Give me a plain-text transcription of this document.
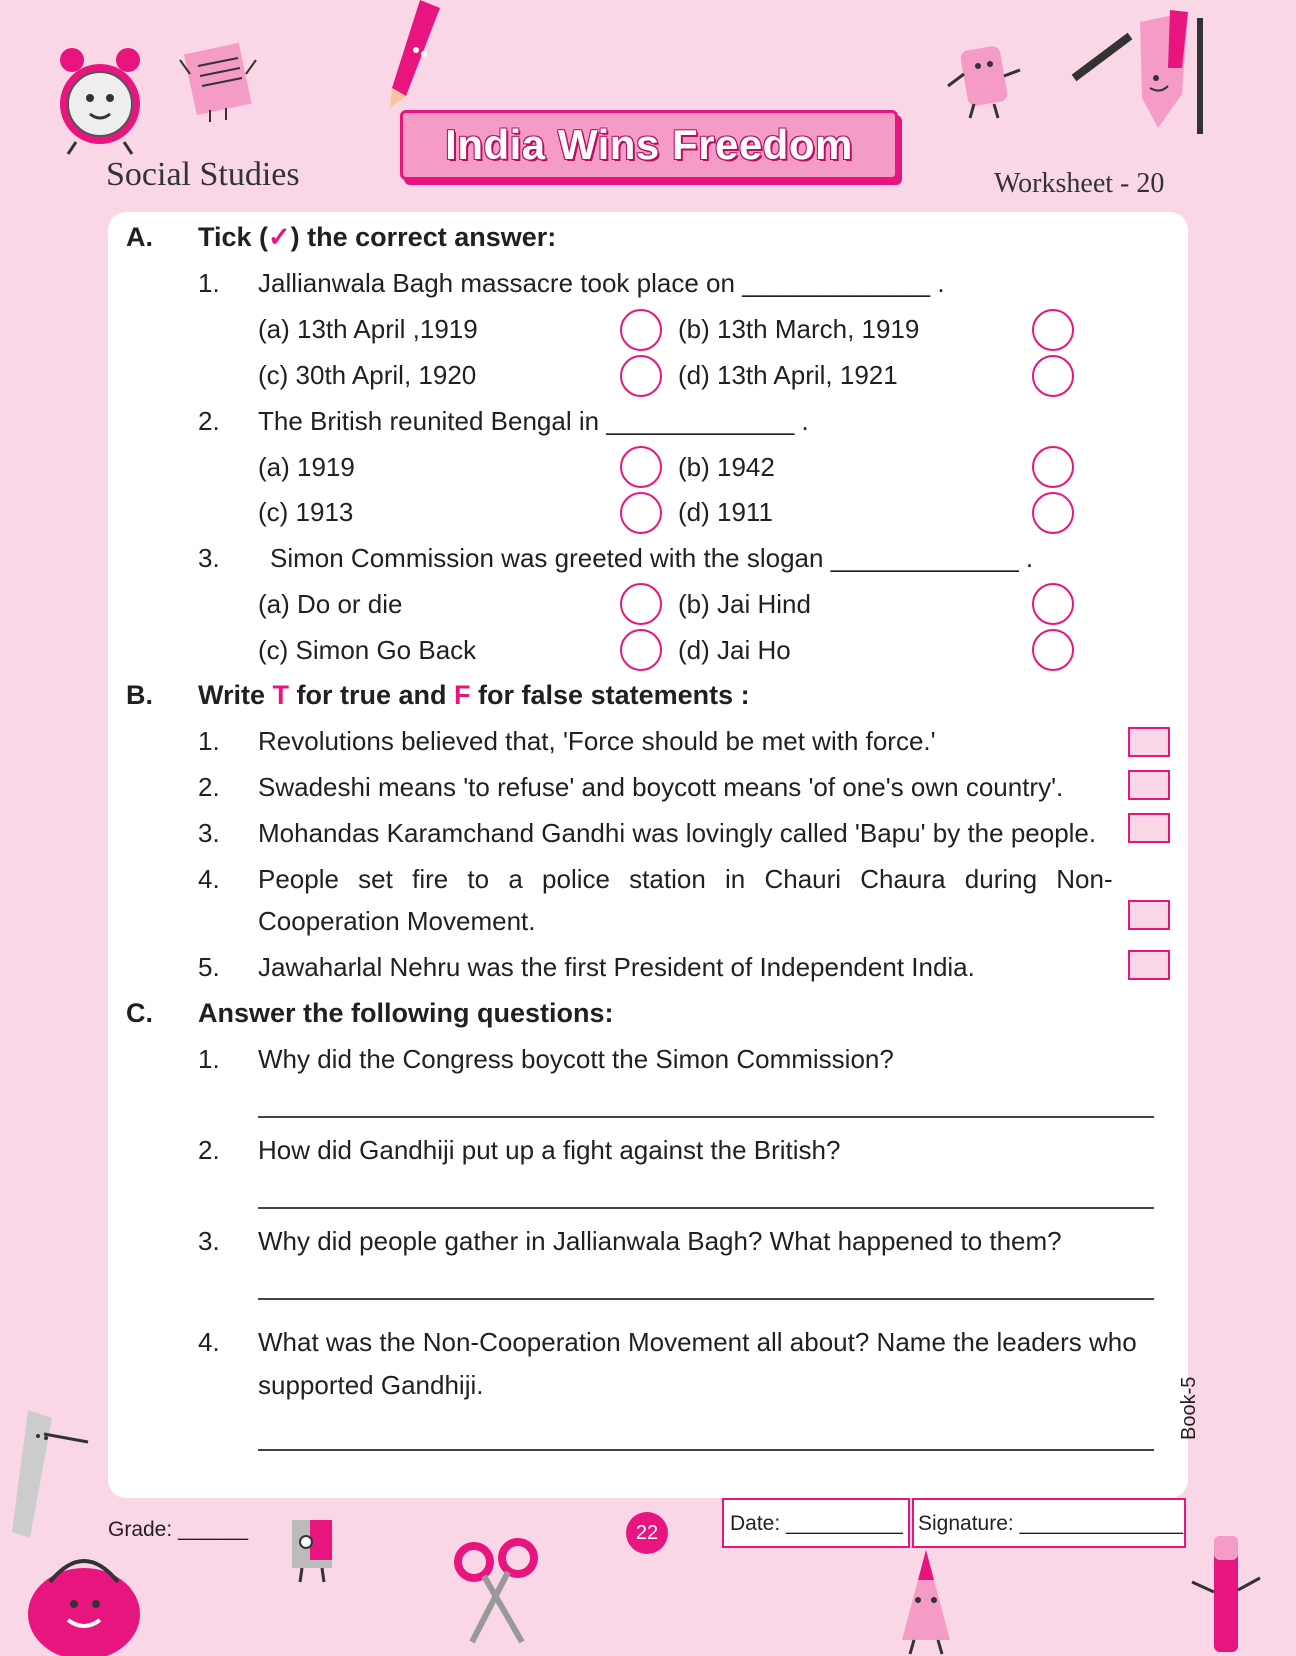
Social Studies
India Wins Freedom
Worksheet - 20
A. Tick (✓) the correct answer:
1. Jallianwala Bagh massacre took place on _____________ .
(a) 13th April ,1919	(b) 13th March, 1919
(c) 30th April, 1920	(d) 13th April, 1921
2. The British reunited Bengal in _____________ .
(a) 1919	(b) 1942
(c) 1913	(d) 1911
3. Simon Commission was greeted with the slogan _____________ .
(a) Do or die	(b) Jai Hind
(c) Simon Go Back	(d) Jai Ho
B. Write T for true and F for false statements :
1. Revolutions believed that, 'Force should be met with force.'
2. Swadeshi means 'to refuse' and boycott means 'of one's own country'.
3. Mohandas Karamchand Gandhi was lovingly called 'Bapu' by the people.
4. People set fire to a police station in Chauri Chaura during Non-
Cooperation Movement.
5. Jawaharlal Nehru was the first President of Independent India.
C. Answer the following questions:
1. Why did the Congress boycott the Simon Commission?
2. How did Gandhiji put up a fight against the British?
3. Why did people gather in Jallianwala Bagh? What happened to them?
4. What was the Non-Cooperation Movement all about? Name the leaders who
supported Gandhiji.	Book-5
Grade: ______	22	Date: __________ Signature: ______________
